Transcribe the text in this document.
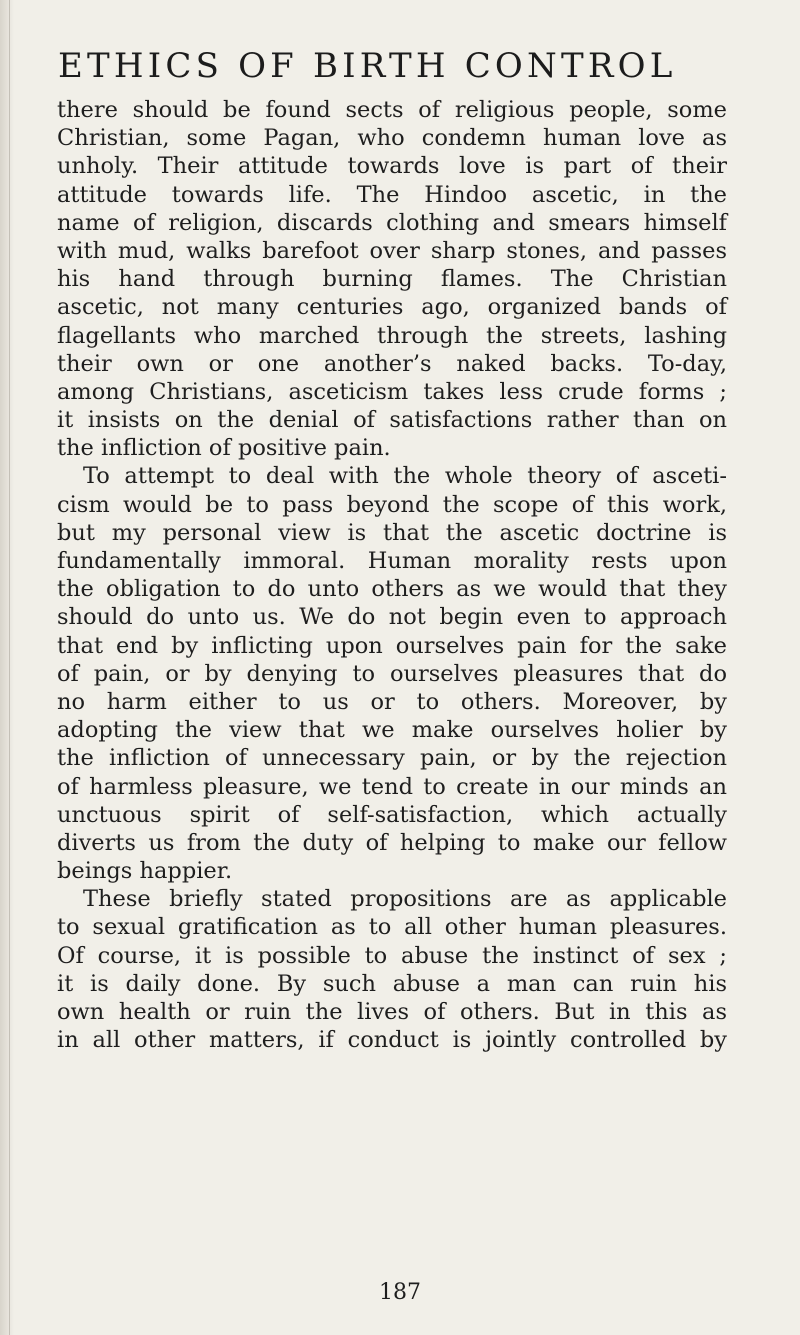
ETHICS OF BIRTH CONTROL
there should be found sects of religious people, some
Christian, some Pagan, who condemn human love as
unholy. Their attitude towards love is part of their
attitude towards life. The Hindoo ascetic, in the
name of religion, discards clothing and smears himself
with mud, walks barefoot over sharp stones, and passes
his hand through burning flames. The Christian
ascetic, not many centuries ago, organized bands of
flagellants who marched through the streets, lashing
their own or one another’s naked backs. To-day,
among Christians, asceticism takes less crude forms ;
it insists on the denial of satisfactions rather than on
the infliction of positive pain.
To attempt to deal with the whole theory of asceti-
cism would be to pass beyond the scope of this work,
but my personal view is that the ascetic doctrine is
fundamentally immoral. Human morality rests upon
the obligation to do unto others as we would that they
should do unto us. We do not begin even to approach
that end by inflicting upon ourselves pain for the sake
of pain, or by denying to ourselves pleasures that do
no harm either to us or to others. Moreover, by
adopting the view that we make ourselves holier by
the infliction of unnecessary pain, or by the rejection
of harmless pleasure, we tend to create in our minds an
unctuous spirit of self-satisfaction, which actually
diverts us from the duty of helping to make our fellow
beings happier.
These briefly stated propositions are as applicable
to sexual gratification as to all other human pleasures.
Of course, it is possible to abuse the instinct of sex ;
it is daily done. By such abuse a man can ruin his
own health or ruin the lives of others. But in this as
in all other matters, if conduct is jointly controlled by
187
